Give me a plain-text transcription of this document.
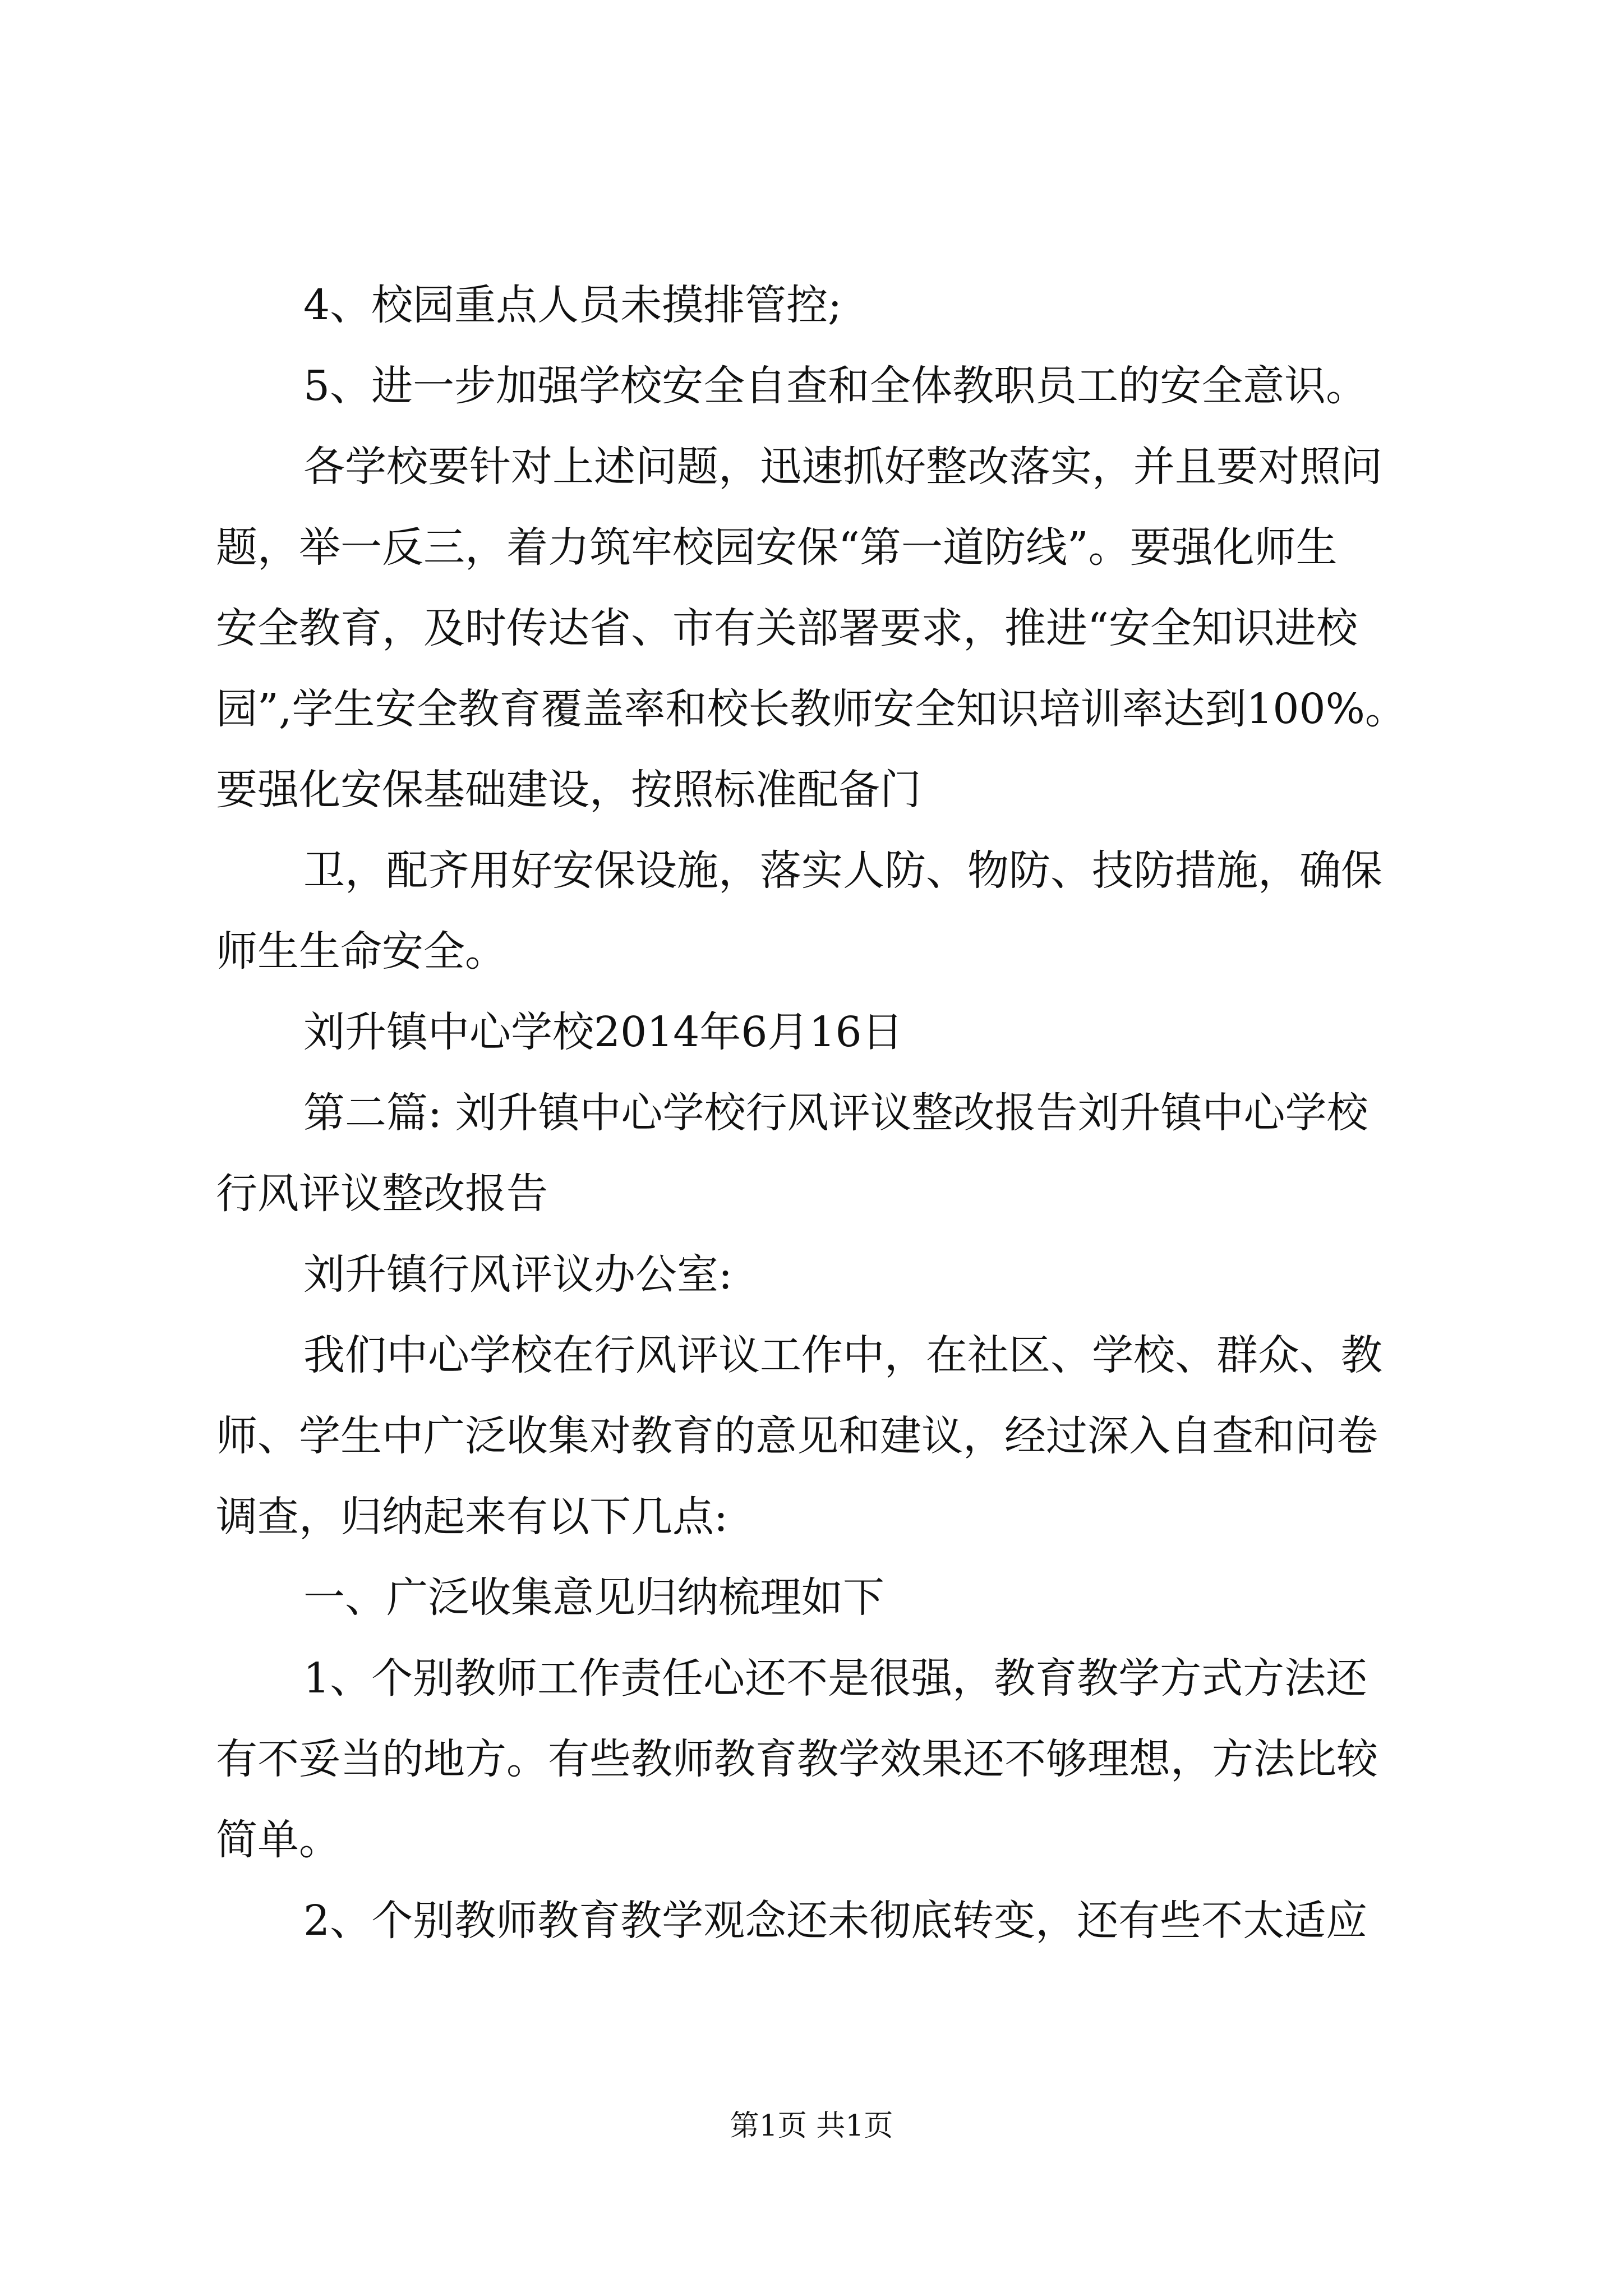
4、校园重点人员未摸排管控;

5、进一步加强学校安全自查和全体教职员工的安全意识。

各学校要针对上述问题，迅速抓好整改落实，并且要对照问

题，举一反三，着力筑牢校园安保“第一道防线”。要强化师生

安全教育，及时传达省、市有关部署要求，推进“安全知识进校

园”,学生安全教育覆盖率和校长教师安全知识培训率达到100%。

要强化安保基础建设，按照标准配备门

卫，配齐用好安保设施，落实人防、物防、技防措施，确保

师生生命安全。

刘升镇中心学校2014年6月16日

第二篇: 刘升镇中心学校行风评议整改报告刘升镇中心学校

行风评议整改报告

刘升镇行风评议办公室:

我们中心学校在行风评议工作中，在社区、学校、群众、教

师、学生中广泛收集对教育的意见和建议，经过深入自查和问卷

调查，归纳起来有以下几点:

一、广泛收集意见归纳梳理如下

1、个别教师工作责任心还不是很强，教育教学方式方法还

有不妥当的地方。有些教师教育教学效果还不够理想，方法比较

简单。

2、个别教师教育教学观念还未彻底转变，还有些不太适应

第1页 共1页
